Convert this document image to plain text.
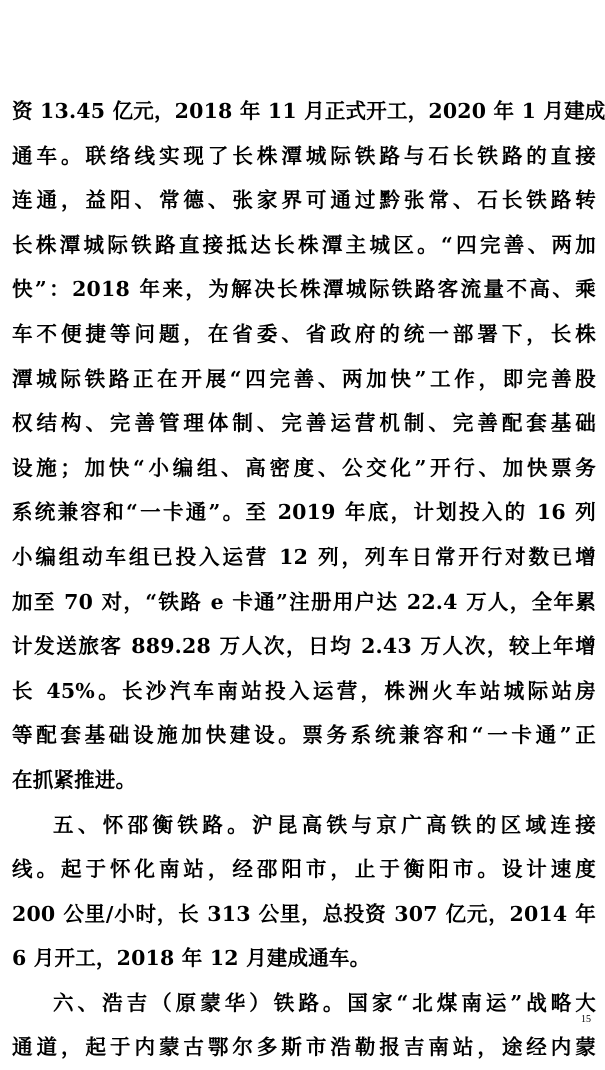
资 13.45 亿元，2018 年 11 月正式开工，2020 年 1 月建成
通车。联络线实现了长株潭城际铁路与石长铁路的直接
连通，益阳、常德、张家界可通过黔张常、石长铁路转
长株潭城际铁路直接抵达长株潭主城区。“四完善、两加
快”：2018 年来，为解决长株潭城际铁路客流量不高、乘
车不便捷等问题，在省委、省政府的统一部署下，长株
潭城际铁路正在开展“四完善、两加快”工作，即完善股
权结构、完善管理体制、完善运营机制、完善配套基础
设施；加快“小编组、高密度、公交化”开行、加快票务
系统兼容和“一卡通”。至 2019 年底，计划投入的 16 列
小编组动车组已投入运营 12 列，列车日常开行对数已增
加至 70 对，“铁路 e 卡通”注册用户达 22.4 万人，全年累
计发送旅客 889.28 万人次，日均 2.43 万人次，较上年增
长 45%。长沙汽车南站投入运营，株洲火车站城际站房
等配套基础设施加快建设。票务系统兼容和“一卡通”正
在抓紧推进。
五、怀邵衡铁路。沪昆高铁与京广高铁的区域连接
线。起于怀化南站，经邵阳市，止于衡阳市。设计速度
200 公里/小时，长 313 公里，总投资 307 亿元，2014 年
6 月开工，2018 年 12 月建成通车。
六、浩吉（原蒙华）铁路。国家“北煤南运”战略大
通道，起于内蒙古鄂尔多斯市浩勒报吉南站，途经内蒙
15
